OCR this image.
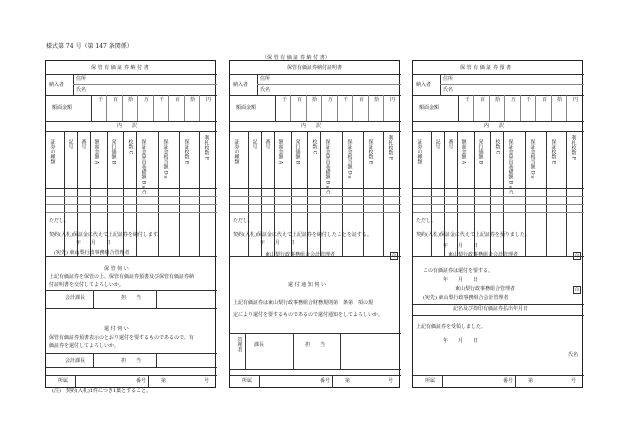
様式第 74 号（第 147 条関係）
（保 管 有 価 証 券 納 付 書）
保 管 有 価 証 券 納 付 書
納入者
住所
氏名
額面金額
千 百 拾 万 千 百 拾 円
内　　訳
証券の種類 記号 番号 額面金額 A 発行価額 B 枚数 C 保証金算出基礎額 B×C	保証金相当額 D×	保証枚数 E	利札枚数 F
ただし、
契約(入札)保証金に代えて上記証券を納付します。
年　　月　　日
(宛先) 東山梨行政事務組合管理者
保 管 伺 い
上記有価証券を保管の上、保管有価証券預書及び保管有価証券納
付証明書を交付してよろしいか。
会計課長	担　　当
還 付 伺 い
保管有価証券預書表示のとおり還付を要するものであるので、有
価証券を還付してよろしいか。
会計課長	担　　当
所属	番号	第	号
(注)　契約(入札)1件につき1葉とすること。
保管有価証券納付証明書
納入者
住所
氏名
額面金額
千 百 拾 万 千 百 拾 円
内　　訳
証券の種類 記号 番号 額面金額 A 発行価額 B 枚数 C 保証金算出基礎額 B×C	保証金相当額 D×	保証枚数 E	利札枚数 F
ただし、
契約(入札)保証金に代えて上記証券を納付したことを証する。
年　　月　　日
東山梨行政事務組合会計管理者	印
還 付 通 知 伺 い
上記有価証券は東山梨行政事務組合財務規則第　条第　項の規
定により還付を要するものであるので還付通知をしてよろしいか。
管理者 課長	担　　当
所属	番号	第	号
保 管 有 価 証 券 預 書
納入者
住所
氏名
額面金額
千 百 拾 万 千 百 拾 円
内　　訳
証券の種類 記号 番号 額面金額 A 発行価額 B 枚数 C 保証金算出基礎額 B×C	保証金相当額 D×	保証枚数 E	利札枚数 F
ただし、
契約(入札)保証金に代えて上記証券を預りました。
年　　月　　日
東山梨行政事務組合会計管理者	印
この有価証券は還付を要する。
年　　月　　日
東山梨行政事務組合管理者	印
(宛先) 東山梨行政事務組合会計管理者
記名及び捺印有価証券払出年月日
上記有価証券を受領しました。
年　　月　　日
氏名
所属	番号	第	号
